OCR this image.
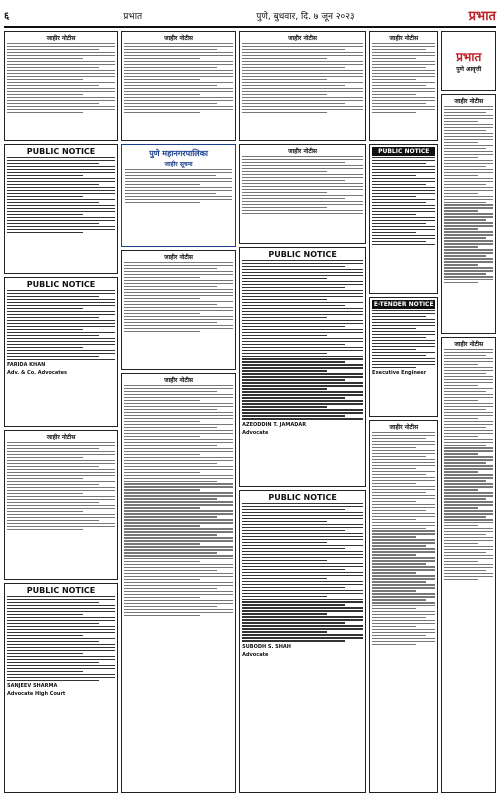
६	प्रभात	पुणे, बुधवार, दि. ७ जून २०२३	प्रभात
जाहीर नोटीस
PUBLIC NOTICE
PUBLIC NOTICE
FARIDA KHAN
Adv. & Co. Advocates
जाहीर नोटीस
PUBLIC NOTICE
SANJEEV SHARMA
Advocate High Court
जाहीर नोटीस
पुणे महानगरपालिका
जाहीर सूचना
जाहीर नोटीस
जाहीर नोटीस
जाहीर नोटीस
जाहीर नोटीस
PUBLIC NOTICE
AZEODDIN T. JAMADAR
Advocate
PUBLIC NOTICE
SUBODH S. SHAH
Advocate
जाहीर नोटीस
PUBLIC NOTICE
E-TENDER NOTICE
Executive Engineer
जाहीर नोटीस
प्रभात
पुणे आवृत्ती
जाहीर नोटीस
जाहीर नोटीस
